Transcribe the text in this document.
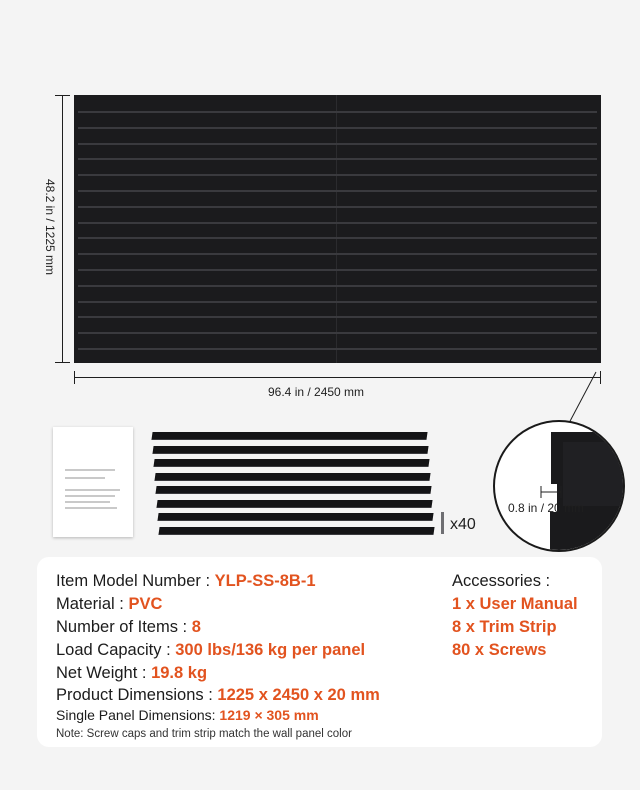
48.2 in / 1225 mm
96.4 in / 2450 mm
x40
0.8 in / 20 mm
Item Model Number : YLP-SS-8B-1
Material : PVC
Number of Items : 8
Load Capacity : 300 lbs/136 kg per panel
Net Weight : 19.8 kg
Product Dimensions : 1225 x 2450 x 20 mm
Single Panel Dimensions: 1219 × 305 mm
Accessories :
1 x User Manual
8 x Trim Strip
80 x Screws
Note: Screw caps and trim strip match the wall panel color
